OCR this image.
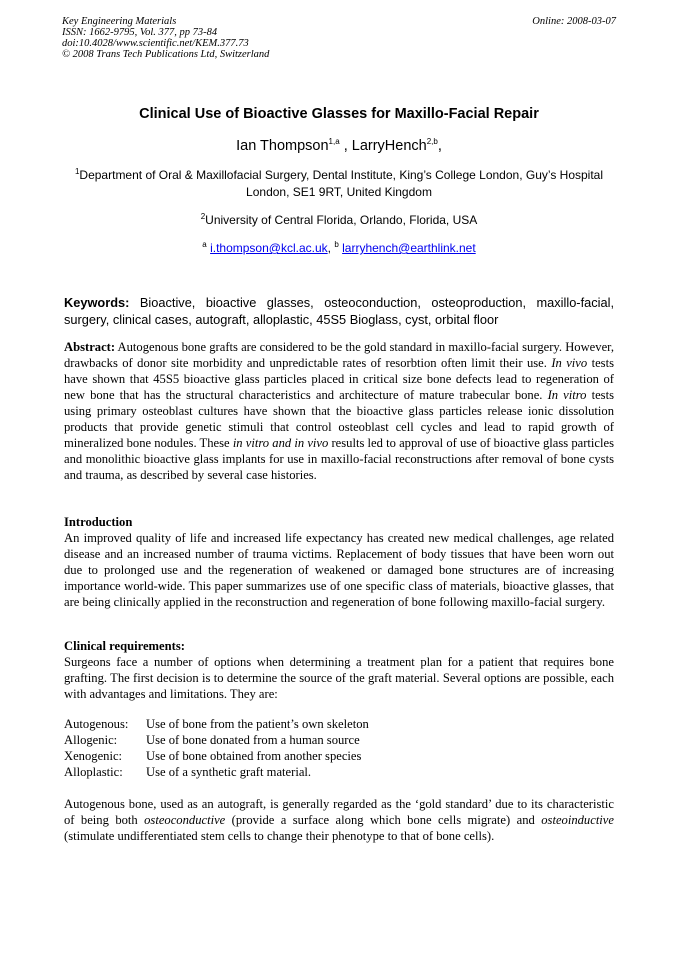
Key Engineering Materials
ISSN: 1662-9795, Vol. 377, pp 73-84
doi:10.4028/www.scientific.net/KEM.377.73
© 2008 Trans Tech Publications Ltd, Switzerland
Online: 2008-03-07
Clinical Use of Bioactive Glasses for Maxillo-Facial Repair
Ian Thompson$^{1,a}$ , LarryHench$^{2,b}$,
$^1$Department of Oral & Maxillofacial Surgery, Dental Institute, King’s College London, Guy’s Hospital London, SE1 9RT, United Kingdom
$^2$University of Central Florida, Orlando, Florida, USA
$^a$ i.thompson@kcl.ac.uk, $^b$ larryhench@earthlink.net
Keywords: Bioactive, bioactive glasses, osteoconduction, osteoproduction, maxillo-facial, surgery, clinical cases, autograft, alloplastic, 45S5 Bioglass, cyst, orbital floor
Abstract: Autogenous bone grafts are considered to be the gold standard in maxillo-facial surgery. However, drawbacks of donor site morbidity and unpredictable rates of resorbtion often limit their use. In vivo tests have shown that 45S5 bioactive glass particles placed in critical size bone defects lead to regeneration of new bone that has the structural characteristics and architecture of mature trabecular bone. In vitro tests using primary osteoblast cultures have shown that the bioactive glass particles release ionic dissolution products that provide genetic stimuli that control osteoblast cell cycles and lead to rapid growth of mineralized bone nodules. These in vitro and in vivo results led to approval of use of bioactive glass particles and monolithic bioactive glass implants for use in maxillo-facial reconstructions after removal of bone cysts and trauma, as described by several case histories.
Introduction
An improved quality of life and increased life expectancy has created new medical challenges, age related disease and an increased number of trauma victims. Replacement of body tissues that have been worn out due to prolonged use and the regeneration of weakened or damaged bone structures are of increasing importance world-wide. This paper summarizes use of one specific class of materials, bioactive glasses, that are being clinically applied in the reconstruction and regeneration of bone following maxillo-facial surgery.
Clinical requirements:
Surgeons face a number of options when determining a treatment plan for a patient that requires bone grafting. The first decision is to determine the source of the graft material. Several options are possible, each with advantages and limitations. They are:
Autogenous:	Use of bone from the patient’s own skeleton
Allogenic:	Use of bone donated from a human source
Xenogenic:	Use of bone obtained from another species
Alloplastic:	Use of a synthetic graft material.
Autogenous bone, used as an autograft, is generally regarded as the ‘gold standard’ due to its characteristic of being both osteoconductive (provide a surface along which bone cells migrate) and osteoinductive (stimulate undifferentiated stem cells to change their phenotype to that of bone cells).
